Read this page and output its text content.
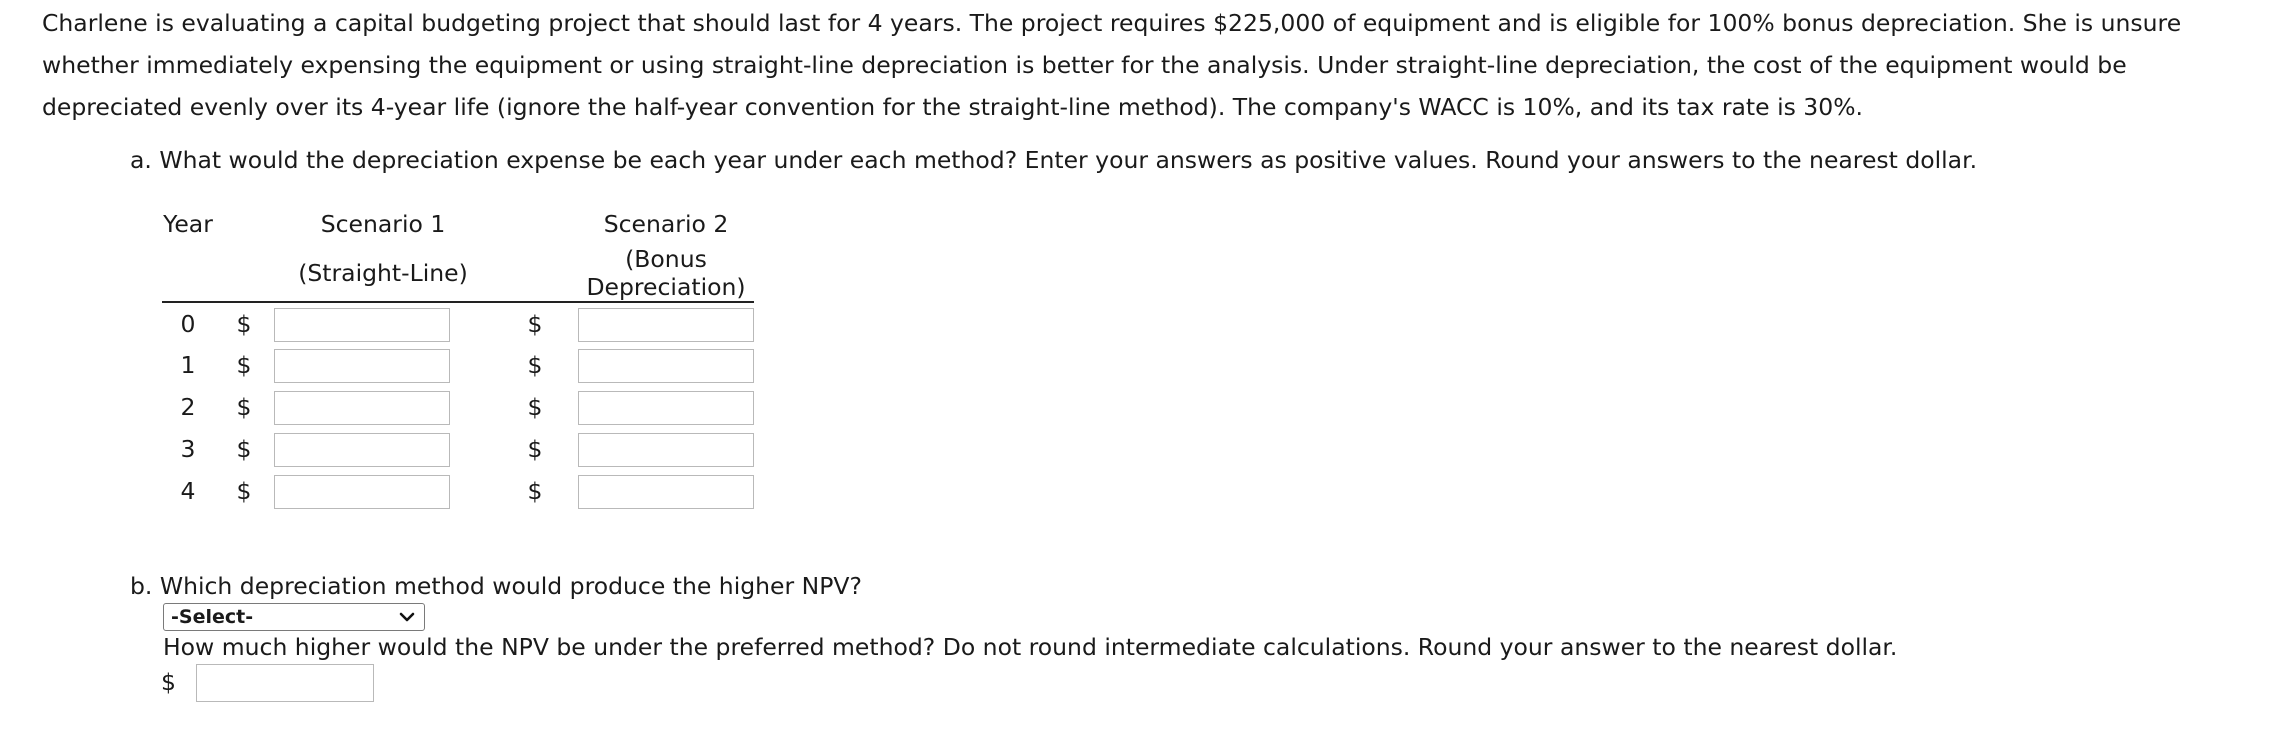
Charlene is evaluating a capital budgeting project that should last for 4 years. The project requires $225,000 of equipment and is eligible for 100% bonus depreciation. She is unsure whether immediately expensing the equipment or using straight-line depreciation is better for the analysis. Under straight-line depreciation, the cost of the equipment would be depreciated evenly over its 4-year life (ignore the half-year convention for the straight-line method). The company's WACC is 10%, and its tax rate is 30%.

a. What would the depreciation expense be each year under each method? Enter your answers as positive values. Round your answers to the nearest dollar.
Year		Scenario 1		Scenario 2
		(Straight-Line)		(Bonus Depreciation)
0	$		$	

1	$		$	

2	$		$	

3	$		$	

4	$		$	
b. Which depreciation method would produce the higher NPV?
-Select-
How much higher would the NPV be under the preferred method? Do not round intermediate calculations. Round your answer to the nearest dollar.
$
